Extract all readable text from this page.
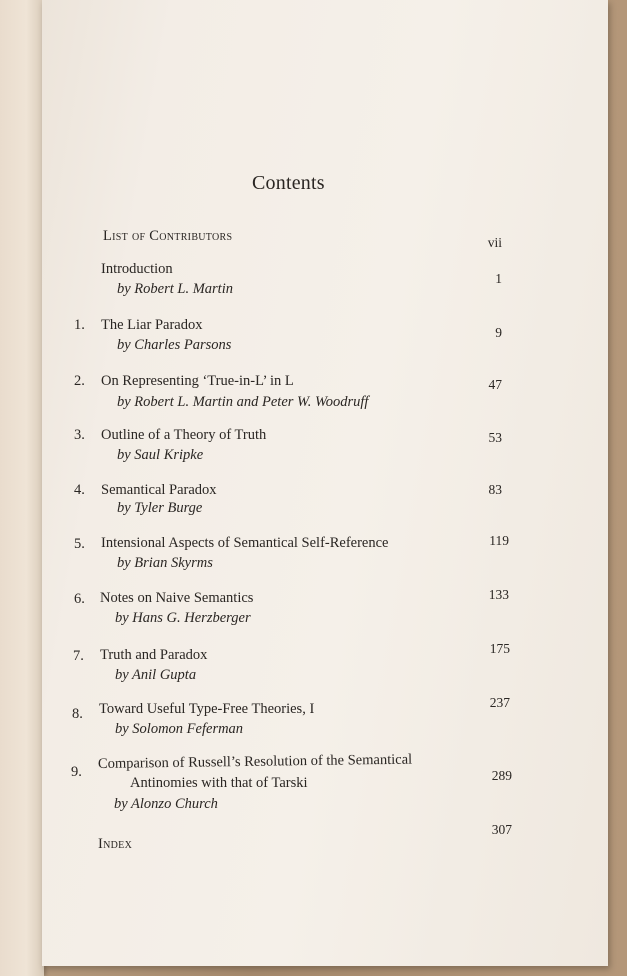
Contents
List of Contributors	vii
Introduction
by Robert L. Martin
1
1. The Liar Paradox
by Charles Parsons
9
2. On Representing ‘True-in-L’ in L
by Robert L. Martin and Peter W. Woodruff
47
3. Outline of a Theory of Truth
by Saul Kripke
53
4. Semantical Paradox
by Tyler Burge
83
5. Intensional Aspects of Semantical Self-Reference
by Brian Skyrms
119
6. Notes on Naive Semantics
by Hans G. Herzberger
133
7. Truth and Paradox
by Anil Gupta
175
8. Toward Useful Type-Free Theories, I
by Solomon Feferman
237
9.
Comparison of Russell’s Resolution of the Semantical
Antinomies with that of Tarski
by Alonzo Church
289
Index
307
